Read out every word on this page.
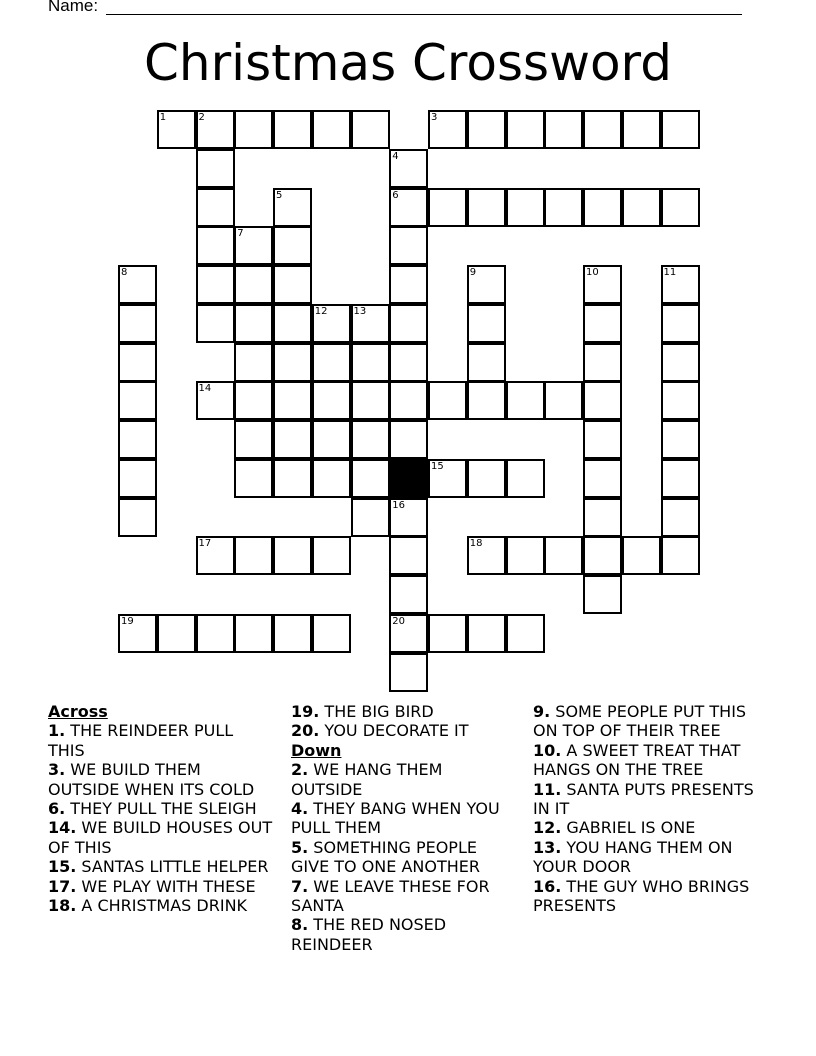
Name:
Christmas Crossword
1	2	3
4
5	6
7
8	9	10	11
12	13
14
15
16
17	18
19	20
Across
1. THE REINDEER PULL THIS
3. WE BUILD THEM OUTSIDE WHEN ITS COLD
6. THEY PULL THE SLEIGH
14. WE BUILD HOUSES OUT OF THIS
15. SANTAS LITTLE HELPER
17. WE PLAY WITH THESE
18. A CHRISTMAS DRINK
19. THE BIG BIRD
20. YOU DECORATE IT
Down
2. WE HANG THEM OUTSIDE
4. THEY BANG WHEN YOU PULL THEM
5. SOMETHING PEOPLE GIVE TO ONE ANOTHER
7. WE LEAVE THESE FOR SANTA
8. THE RED NOSED REINDEER
9. SOME PEOPLE PUT THIS ON TOP OF THEIR TREE
10. A SWEET TREAT THAT HANGS ON THE TREE
11. SANTA PUTS PRESENTS IN IT
12. GABRIEL IS ONE
13. YOU HANG THEM ON YOUR DOOR
16. THE GUY WHO BRINGS PRESENTS
